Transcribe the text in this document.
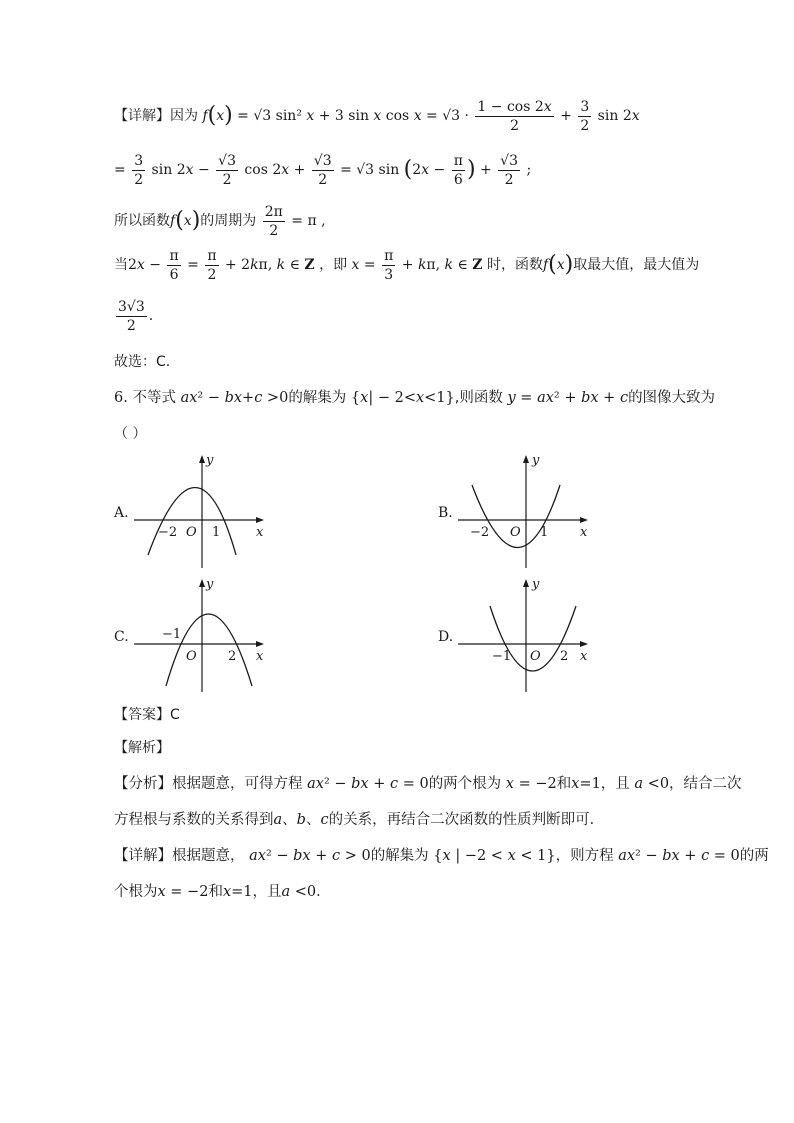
【详解】因为 f(x) = √3 sin² x + 3 sin x $\cos x = √3 \cdot \frac{1 - \cos 2x}{2} + \frac{3}{2}$ sin 2x
= $\frac{3}{2}$ $\sin 2x - \frac{√3}{2}$ $\cos 2x + \frac{√3}{2} = √3$ $\sin (2x - \frac{\pi}{6}$ ) + $\frac{√3}{2}$ ;
所以函数f(x)的周期为 $\frac{2\pi}{2} = \pi$ ,
当$2x - \frac{\pi}{6} = \frac{\pi}{2} + 2k\pi$, k ∈ Z ，即 $x = \frac{\pi}{3} + k\pi$, k ∈ Z 时，函数f(x)取最大值，最大值为
$\frac{3√3}{2}$ .
故选：C.
6. 不等式 ax² − bx+c >0的解集为 {x| − 2<x<1},则函数 y = ax² + bx + c的图像大致为
（ ）
A.	B.
C.	D.
y
x
−2 O 1
y
x
−2 O 1
y
x
−1
O 2
y
x
−1 O 2
【答案】C
【解析】
【分析】根据题意，可得方程 ax² − bx + c = 0的两个根为 x = −2和x=1，且 a <0，结合二次
方程根与系数的关系得到a、b、c的关系，再结合二次函数的性质判断即可．
【详解】根据题意， ax² − bx + c > 0的解集为 {x | −2 < x < 1}，则方程 ax² − bx + c = 0的两
个根为x = −2和x=1，且a <0．
